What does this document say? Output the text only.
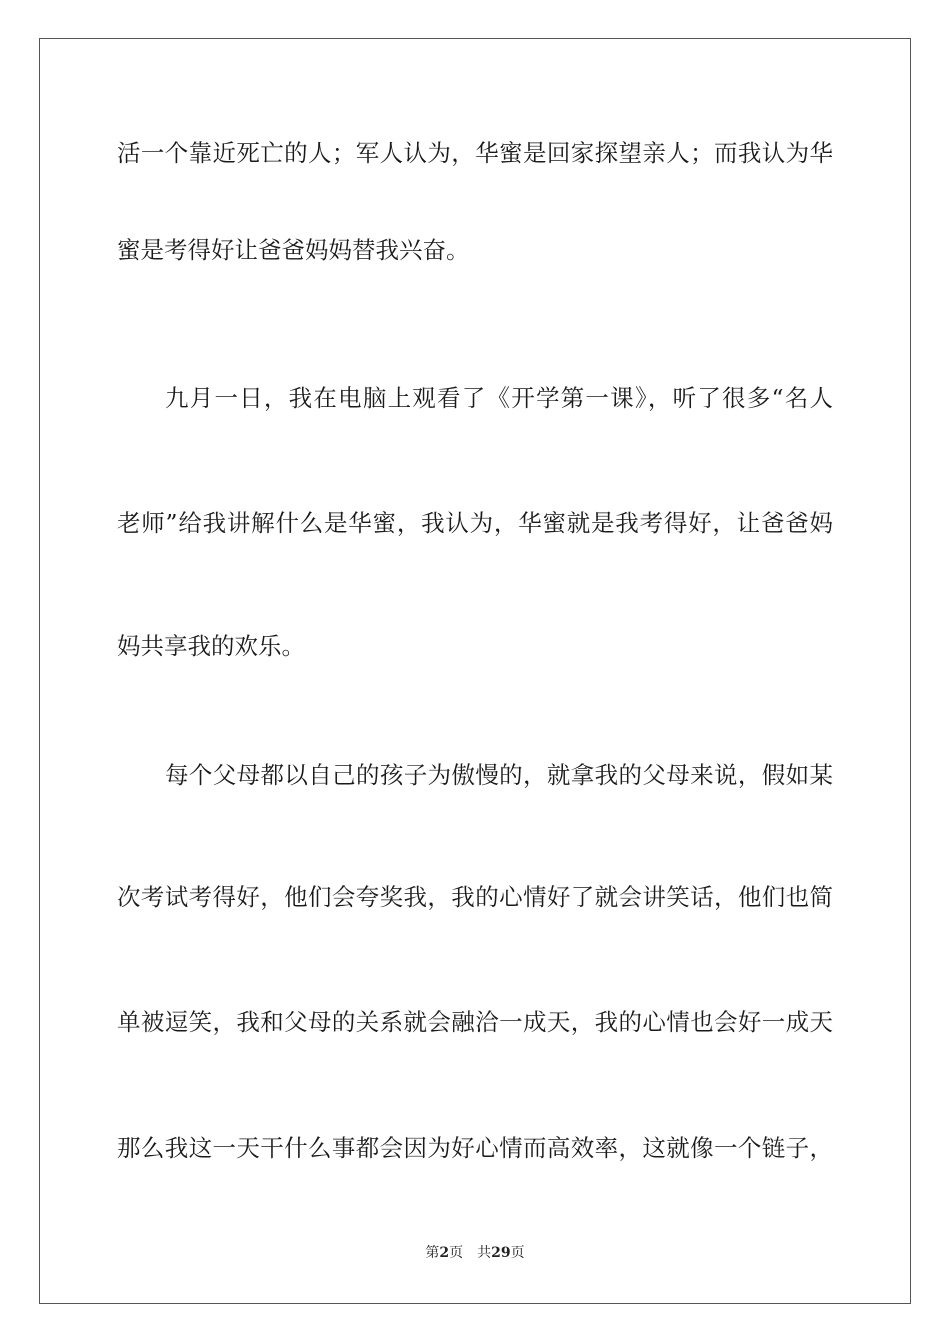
活一个靠近死亡的人；军人认为，华蜜是回家探望亲人；而我认为华
蜜是考得好让爸爸妈妈替我兴奋。
九月一日，我在电脑上观看了《开学第一课》，听了很多“名人
老师”给我讲解什么是华蜜，我认为，华蜜就是我考得好，让爸爸妈
妈共享我的欢乐。
每个父母都以自己的孩子为傲慢的，就拿我的父母来说，假如某
次考试考得好，他们会夸奖我，我的心情好了就会讲笑话，他们也简
单被逗笑，我和父母的关系就会融洽一成天，我的心情也会好一成天
那么我这一天干什么事都会因为好心情而高效率，这就像一个链子，
第2页 共29页
